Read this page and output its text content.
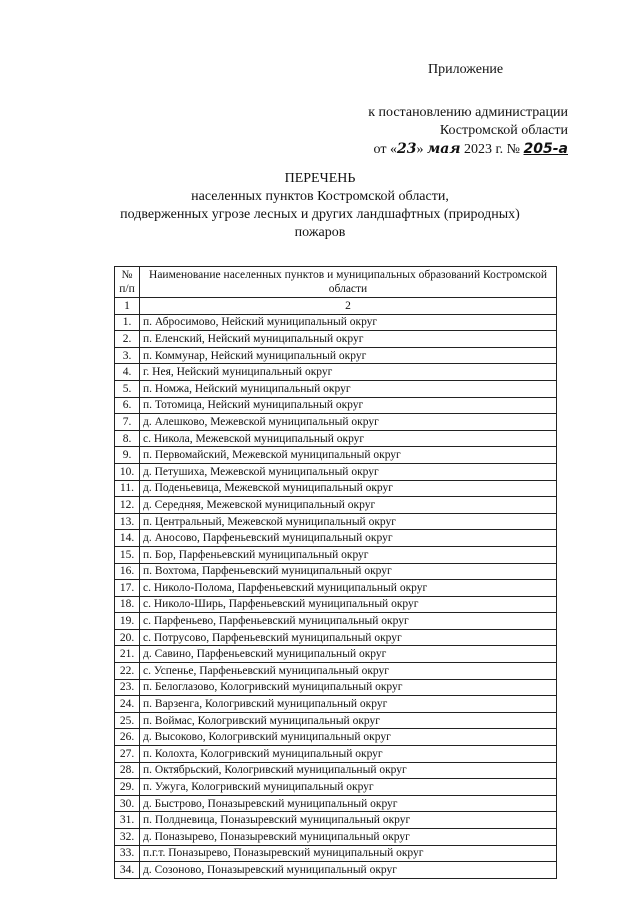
Приложение
к постановлению администрации
Костромской области
от «23» мая 2023 г. № 205-а
ПЕРЕЧЕНЬ
населенных пунктов Костромской области,
подверженных угрозе лесных и других ландшафтных (природных)
пожаров
№ п/п	Наименование населенных пунктов и муниципальных образований Костромской области
1	2
1.	п. Абросимово, Нейский муниципальный округ
2.	п. Еленский, Нейский муниципальный округ
3.	п. Коммунар, Нейский муниципальный округ
4.	г. Нея, Нейский муниципальный округ
5.	п. Номжа, Нейский муниципальный округ
6.	п. Тотомица, Нейский муниципальный округ
7.	д. Алешково, Межевской муниципальный округ
8.	с. Никола, Межевской муниципальный округ
9.	п. Первомайский, Межевской муниципальный округ
10.	д. Петушиха, Межевской муниципальный округ
11.	д. Поденьевица, Межевской муниципальный округ
12.	д. Середняя, Межевской муниципальный округ
13.	п. Центральный, Межевской муниципальный округ
14.	д. Аносово, Парфеньевский муниципальный округ
15.	п. Бор, Парфеньевский муниципальный округ
16.	п. Вохтома, Парфеньевский муниципальный округ
17.	с. Николо-Полома, Парфеньевский муниципальный округ
18.	с. Николо-Ширь, Парфеньевский муниципальный округ
19.	с. Парфеньево, Парфеньевский муниципальный округ
20.	с. Потрусово, Парфеньевский муниципальный округ
21.	д. Савино, Парфеньевский муниципальный округ
22.	с. Успенье, Парфеньевский муниципальный округ
23.	п. Белоглазово, Кологривский муниципальный округ
24.	п. Варзенга, Кологривский муниципальный округ
25.	п. Воймас, Кологривский муниципальный округ
26.	д. Высоково, Кологривский муниципальный округ
27.	п. Колохта, Кологривский муниципальный округ
28.	п. Октябрьский, Кологривский муниципальный округ
29.	п. Ужуга, Кологривский муниципальный округ
30.	д. Быстрово, Поназыревский муниципальный округ
31.	п. Полдневица, Поназыревский муниципальный округ
32.	д. Поназырево, Поназыревский муниципальный округ
33.	п.г.т. Поназырево, Поназыревский муниципальный округ
34.	д. Созоново, Поназыревский муниципальный округ
